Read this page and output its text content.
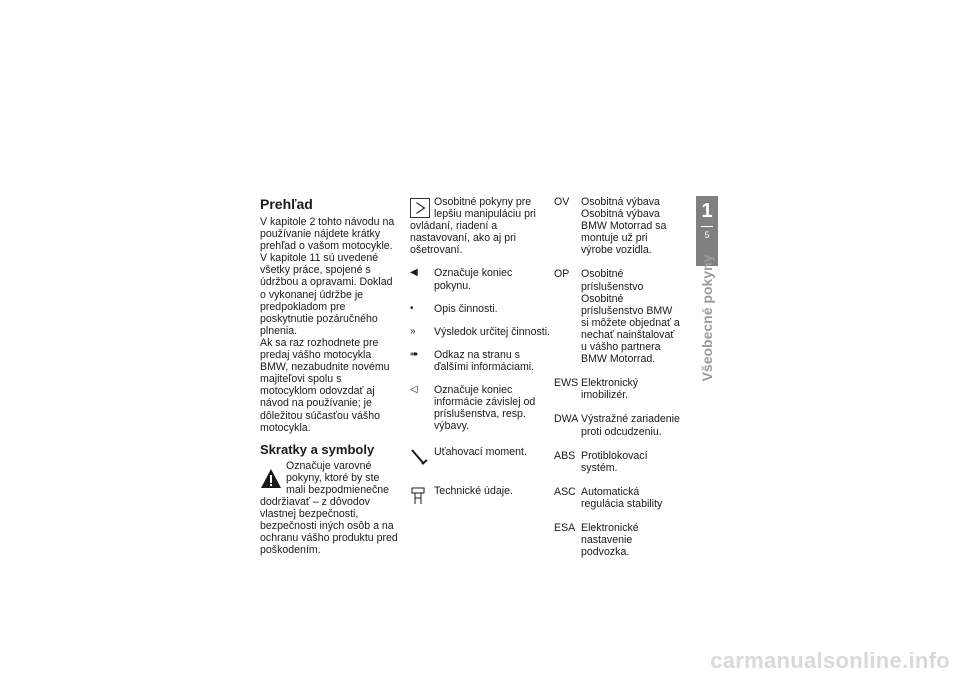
Prehľad

V kapitole 2 tohto návodu na používanie nájdete krátky prehľad o vašom motocykle. V kapitole 11 sú uvedené všetky práce, spojené s údržbou a opravami. Doklad o vykonanej údržbe je predpokladom pre poskytnutie pozáručného plnenia.

Ak sa raz rozhodnete pre predaj vášho motocykla BMW, nezabudnite novému majiteľovi spolu s motocyklom odovzdať aj návod na používanie; je dôležitou súčasťou vášho motocykla.

Skratky a symboly
Označuje varovné pokyny, ktoré by ste mali bezpodmienečne dodržiavať – z dôvodov vlastnej bezpečnosti, bezpečnosti iných osôb a na ochranu vášho produktu pred poškodením.
Osobitné pokyny pre lepšiu manipuláciu pri ovládaní, riadení a nastavovaní, ako aj pri ošetrovaní.
◀	Označuje koniec pokynu.
•	Opis činnosti.
»	Výsledok určitej činnosti.
➠	Odkaz na stranu s ďalšími informáciami.
◁	Označuje koniec informácie závislej od príslušenstva, resp. výbavy.
Uťahovací moment.
Technické údaje.
OV	Osobitná výbava Osobitná výbava BMW Motorrad sa montuje už pri výrobe vozidla.
OP	Osobitné príslušenstvo Osobitné príslušenstvo BMW si môžete objednať a nechať nainštalovať u vášho partnera BMW Motorrad.
EWS Elektronický imobilizér.
DWA Výstražné zariadenie proti odcudzeniu.
ABS Protiblokovací systém.
ASC Automatická regulácia stability
ESA Elektronické nastavenie podvozka.
1
5
Všeobecné pokyny
carmanualsonline.info
